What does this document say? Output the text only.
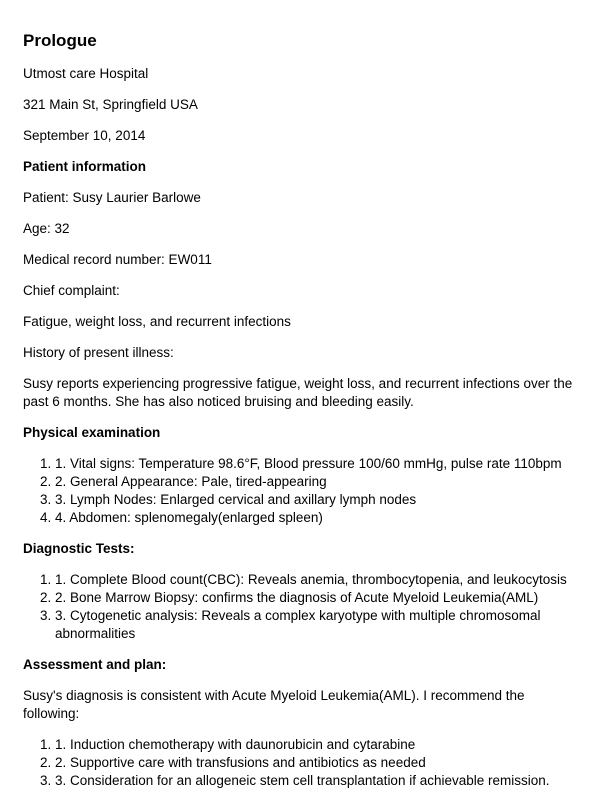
Prologue

Utmost care Hospital

321 Main St, Springfield USA

September 10, 2014

Patient information

Patient: Susy Laurier Barlowe

Age: 32

Medical record number: EW011

Chief complaint:

Fatigue, weight loss, and recurrent infections

History of present illness:

Susy reports experiencing progressive fatigue, weight loss, and recurrent infections over the past 6 months. She has also noticed bruising and bleeding easily.

Physical examination

1. 1. Vital signs: Temperature 98.6°F, Blood pressure 100/60 mmHg, pulse rate 110bpm
2. 2. General Appearance: Pale, tired-appearing
3. 3. Lymph Nodes: Enlarged cervical and axillary lymph nodes
4. 4. Abdomen: splenomegaly(enlarged spleen)

Diagnostic Tests:

1. 1. Complete Blood count(CBC): Reveals anemia, thrombocytopenia, and leukocytosis
2. 2. Bone Marrow Biopsy: confirms the diagnosis of Acute Myeloid Leukemia(AML)
3. 3. Cytogenetic analysis: Reveals a complex karyotype with multiple chromosomal abnormalities

Assessment and plan:

Susy's diagnosis is consistent with Acute Myeloid Leukemia(AML). I recommend the following:

1. 1. Induction chemotherapy with daunorubicin and cytarabine
2. 2. Supportive care with transfusions and antibiotics as needed
3. 3. Consideration for an allogeneic stem cell transplantation if achievable remission.
